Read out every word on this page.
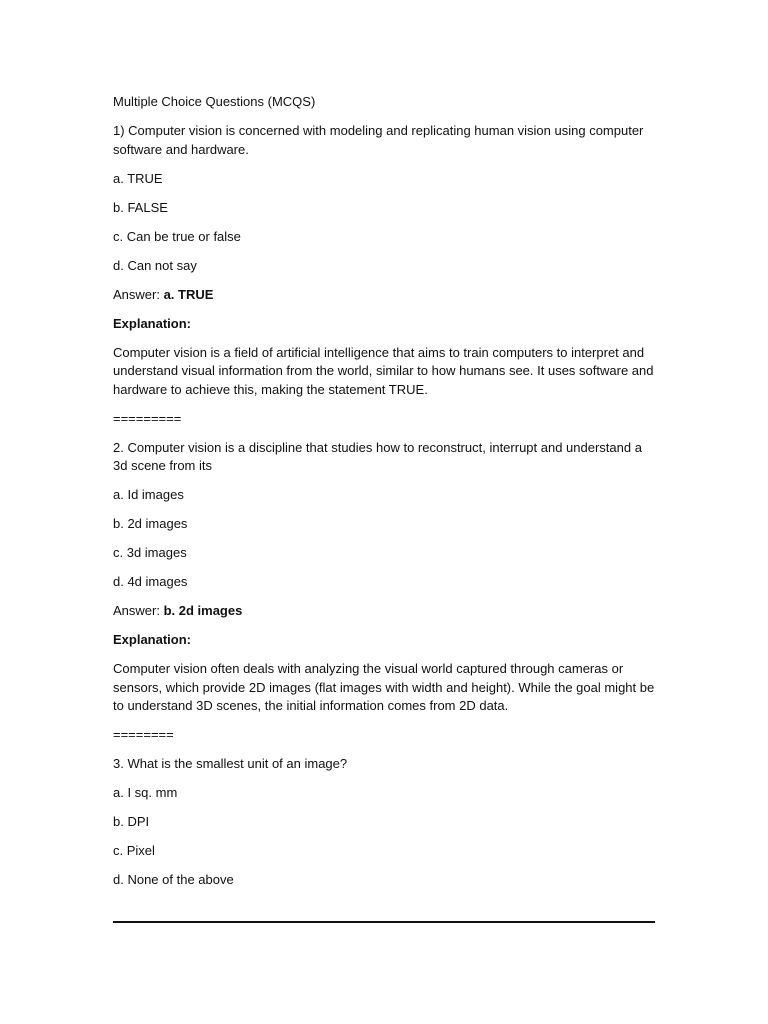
Multiple Choice Questions (MCQS)

1) Computer vision is concerned with modeling and replicating human vision using computer software and hardware.

a. TRUE

b. FALSE

c. Can be true or false

d. Can not say

Answer: a. TRUE

Explanation:

Computer vision is a field of artificial intelligence that aims to train computers to interpret and understand visual information from the world, similar to how humans see. It uses software and hardware to achieve this, making the statement TRUE.

=========

2. Computer vision is a discipline that studies how to reconstruct, interrupt and understand a 3d scene from its

a. Id images

b. 2d images

c. 3d images

d. 4d images

Answer: b. 2d images

Explanation:

Computer vision often deals with analyzing the visual world captured through cameras or sensors, which provide 2D images (flat images with width and height). While the goal might be to understand 3D scenes, the initial information comes from 2D data.

========

3. What is the smallest unit of an image?

a. I sq. mm

b. DPI

c. Pixel

d. None of the above
